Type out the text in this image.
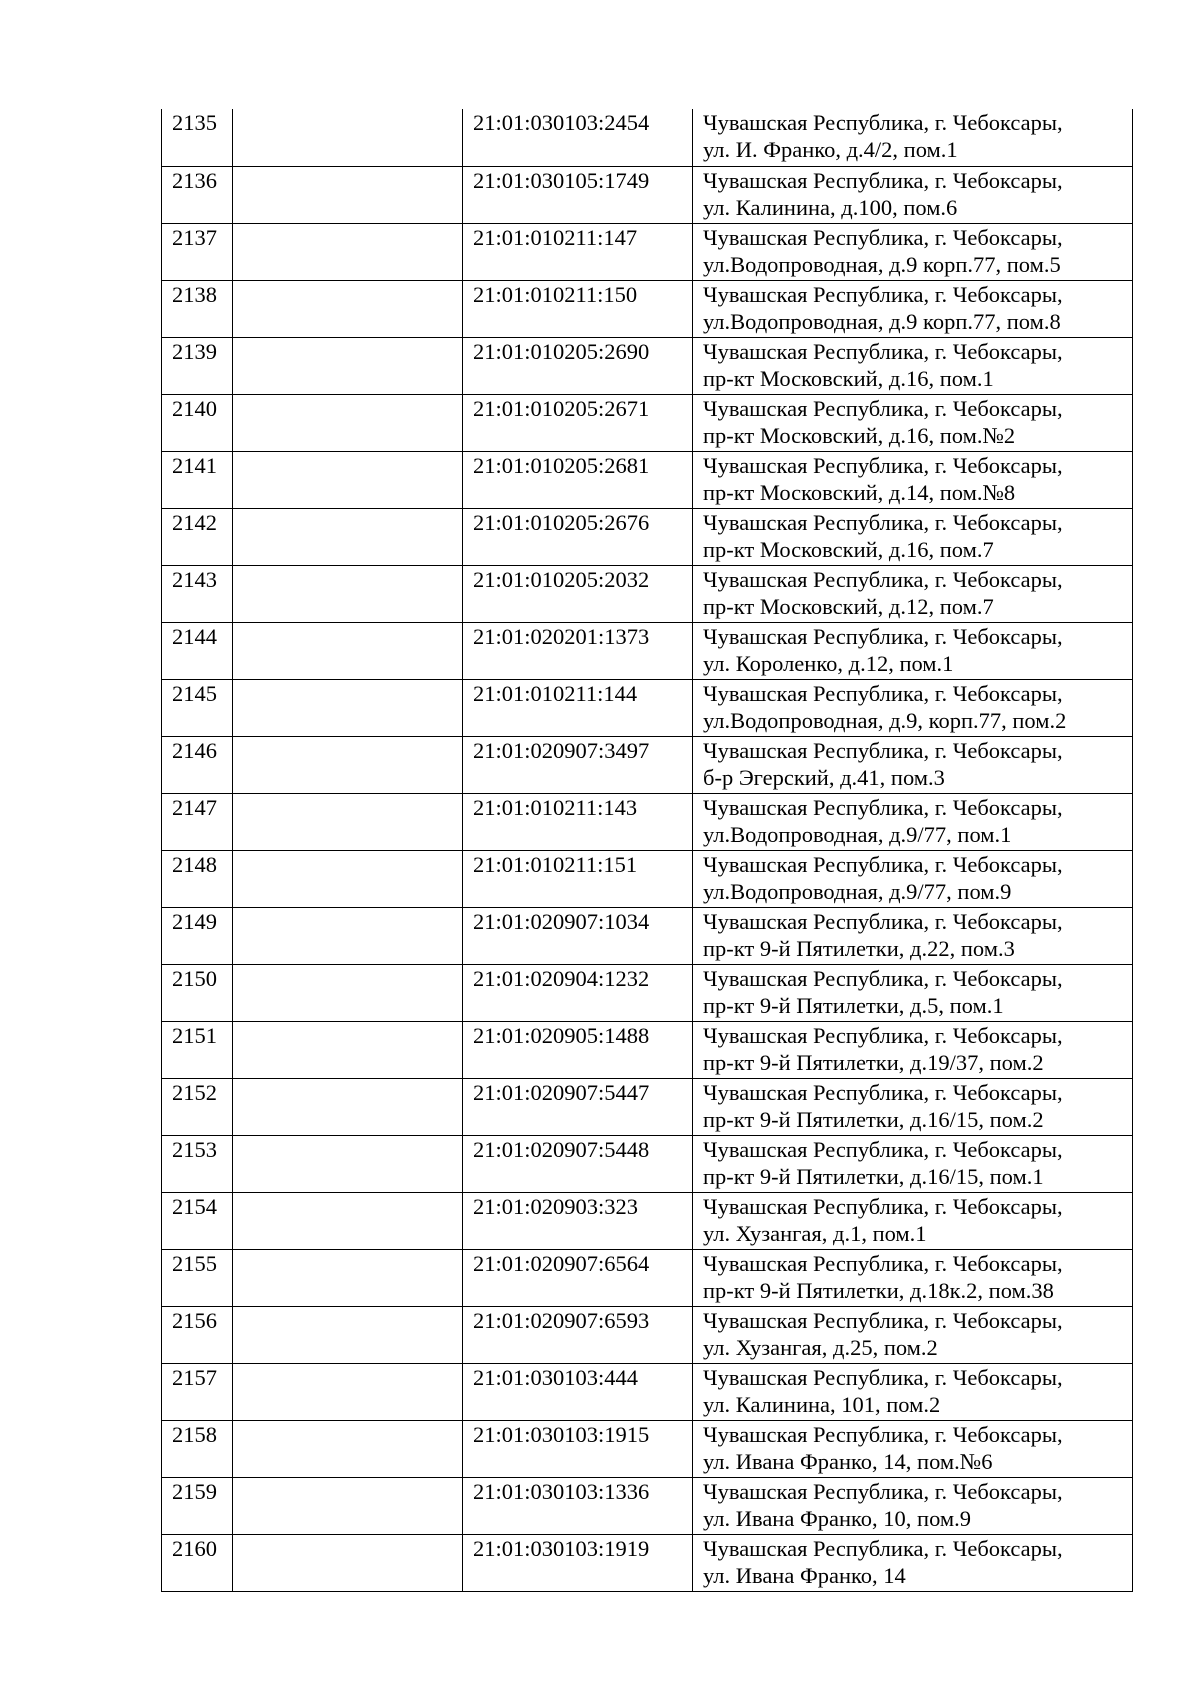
2135		21:01:030103:2454	Чувашская Республика, г. Чебоксары,
ул. И. Франко, д.4/2, пом.1

2136		21:01:030105:1749	Чувашская Республика, г. Чебоксары,
ул. Калинина, д.100, пом.6

2137		21:01:010211:147	Чувашская Республика, г. Чебоксары,
ул.Водопроводная, д.9 корп.77, пом.5

2138		21:01:010211:150	Чувашская Республика, г. Чебоксары,
ул.Водопроводная, д.9 корп.77, пом.8

2139		21:01:010205:2690	Чувашская Республика, г. Чебоксары,
пр-кт Московский, д.16, пом.1

2140		21:01:010205:2671	Чувашская Республика, г. Чебоксары,
пр-кт Московский, д.16, пом.№2

2141		21:01:010205:2681	Чувашская Республика, г. Чебоксары,
пр-кт Московский, д.14, пом.№8

2142		21:01:010205:2676	Чувашская Республика, г. Чебоксары,
пр-кт Московский, д.16, пом.7

2143		21:01:010205:2032	Чувашская Республика, г. Чебоксары,
пр-кт Московский, д.12, пом.7

2144		21:01:020201:1373	Чувашская Республика, г. Чебоксары,
ул. Короленко, д.12, пом.1

2145		21:01:010211:144	Чувашская Республика, г. Чебоксары,
ул.Водопроводная, д.9, корп.77, пом.2

2146		21:01:020907:3497	Чувашская Республика, г. Чебоксары,
б-р Эгерский, д.41, пом.3

2147		21:01:010211:143	Чувашская Республика, г. Чебоксары,
ул.Водопроводная, д.9/77, пом.1

2148		21:01:010211:151	Чувашская Республика, г. Чебоксары,
ул.Водопроводная, д.9/77, пом.9

2149		21:01:020907:1034	Чувашская Республика, г. Чебоксары,
пр-кт 9-й Пятилетки, д.22, пом.3

2150		21:01:020904:1232	Чувашская Республика, г. Чебоксары,
пр-кт 9-й Пятилетки, д.5, пом.1

2151		21:01:020905:1488	Чувашская Республика, г. Чебоксары,
пр-кт 9-й Пятилетки, д.19/37, пом.2

2152		21:01:020907:5447	Чувашская Республика, г. Чебоксары,
пр-кт 9-й Пятилетки, д.16/15, пом.2

2153		21:01:020907:5448	Чувашская Республика, г. Чебоксары,
пр-кт 9-й Пятилетки, д.16/15, пом.1

2154		21:01:020903:323	Чувашская Республика, г. Чебоксары,
ул. Хузангая, д.1, пом.1

2155		21:01:020907:6564	Чувашская Республика, г. Чебоксары,
пр-кт 9-й Пятилетки, д.18к.2, пом.38

2156		21:01:020907:6593	Чувашская Республика, г. Чебоксары,
ул. Хузангая, д.25, пом.2

2157		21:01:030103:444	Чувашская Республика, г. Чебоксары,
ул. Калинина, 101, пом.2

2158		21:01:030103:1915	Чувашская Республика, г. Чебоксары,
ул. Ивана Франко, 14, пом.№6

2159		21:01:030103:1336	Чувашская Республика, г. Чебоксары,
ул. Ивана Франко, 10, пом.9

2160		21:01:030103:1919	Чувашская Республика, г. Чебоксары,
ул. Ивана Франко, 14
